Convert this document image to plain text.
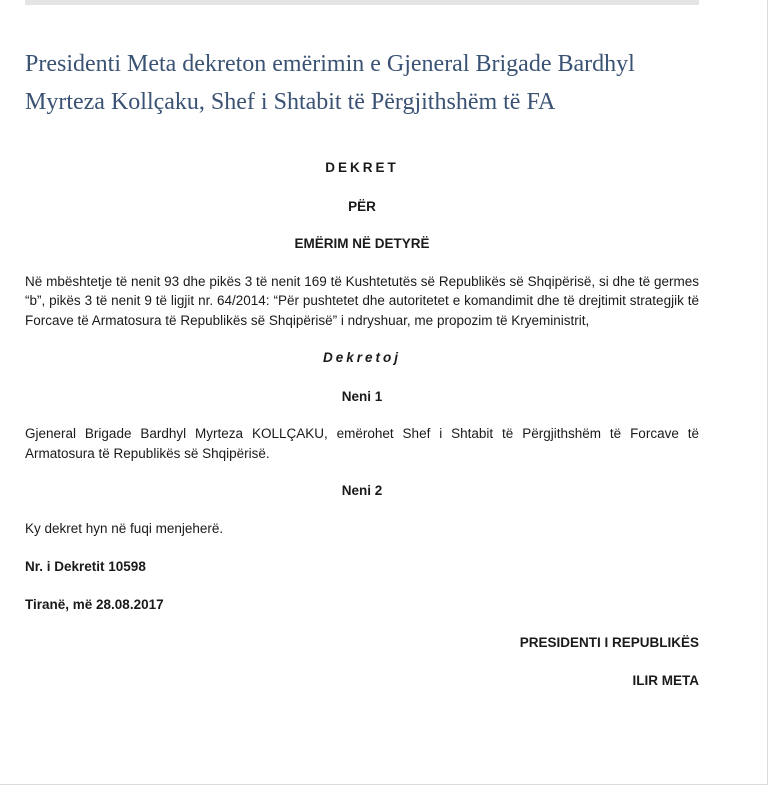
Presidenti Meta dekreton emërimin e Gjeneral Brigade Bardhyl Myrteza Kollçaku, Shef i Shtabit të Përgjithshëm të FA

DEKRET

PËR

EMËRIM NË DETYRË

Në mbështetje të nenit 93 dhe pikës 3 të nenit 169 të Kushtetutës së Republikës së Shqipërisë, si dhe të germes “b”, pikës 3 të nenit 9 të ligjit nr. 64/2014: “Për pushtetet dhe autoritetet e komandimit dhe të drejtimit strategjik të Forcave të Armatosura të Republikës së Shqipërisë” i ndryshuar, me propozim të Kryeministrit,

Dekretoj

Neni 1

Gjeneral Brigade Bardhyl Myrteza KOLLÇAKU, emërohet Shef i Shtabit të Përgjithshëm të Forcave të Armatosura të Republikës së Shqipërisë.

Neni 2

Ky dekret hyn në fuqi menjeherë.

Nr. i Dekretit 10598

Tiranë, më 28.08.2017

PRESIDENTI I REPUBLIKËS

ILIR META
